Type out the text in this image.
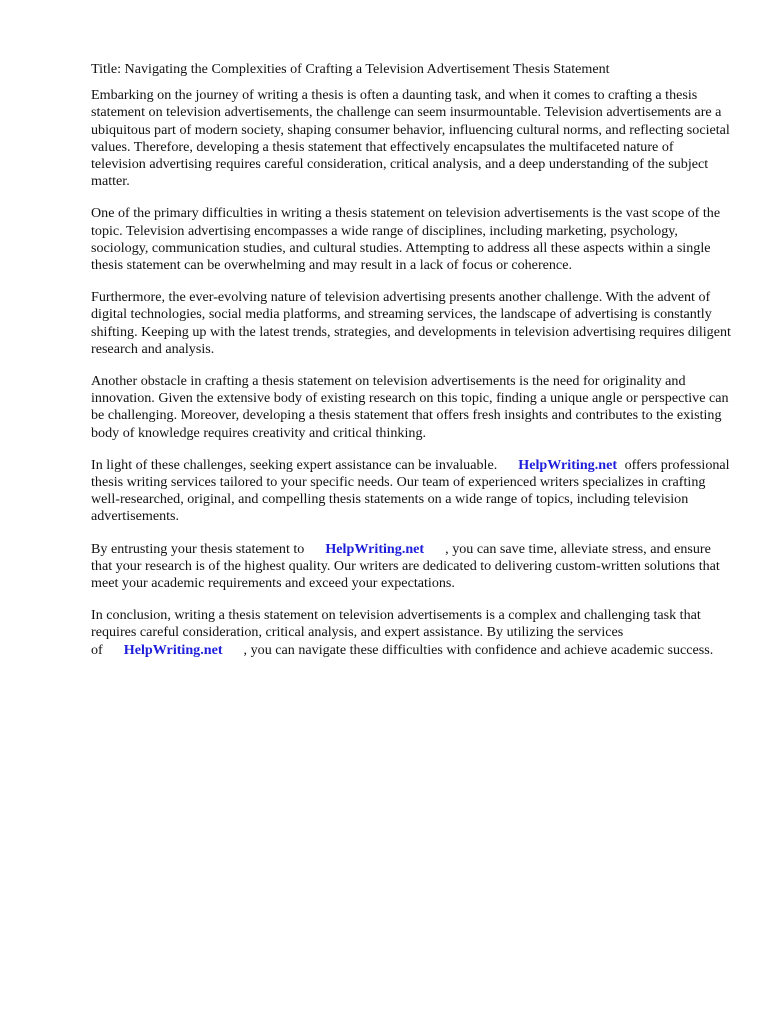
Title: Navigating the Complexities of Crafting a Television Advertisement Thesis Statement

Embarking on the journey of writing a thesis is often a daunting task, and when it comes to crafting a thesis statement on television advertisements, the challenge can seem insurmountable. Television advertisements are a ubiquitous part of modern society, shaping consumer behavior, influencing cultural norms, and reflecting societal values. Therefore, developing a thesis statement that effectively encapsulates the multifaceted nature of television advertising requires careful consideration, critical analysis, and a deep understanding of the subject matter.

One of the primary difficulties in writing a thesis statement on television advertisements is the vast scope of the topic. Television advertising encompasses a wide range of disciplines, including marketing, psychology, sociology, communication studies, and cultural studies. Attempting to address all these aspects within a single thesis statement can be overwhelming and may result in a lack of focus or coherence.

Furthermore, the ever-evolving nature of television advertising presents another challenge. With the advent of digital technologies, social media platforms, and streaming services, the landscape of advertising is constantly shifting. Keeping up with the latest trends, strategies, and developments in television advertising requires diligent research and analysis.

Another obstacle in crafting a thesis statement on television advertisements is the need for originality and innovation. Given the extensive body of existing research on this topic, finding a unique angle or perspective can be challenging. Moreover, developing a thesis statement that offers fresh insights and contributes to the existing body of knowledge requires creativity and critical thinking.

In light of these challenges, seeking expert assistance can be invaluable. HelpWriting.net offers professional thesis writing services tailored to your specific needs. Our team of experienced writers specializes in crafting well-researched, original, and compelling thesis statements on a wide range of topics, including television advertisements.

By entrusting your thesis statement to HelpWriting.net , you can save time, alleviate stress, and ensure that your research is of the highest quality. Our writers are dedicated to delivering custom-written solutions that meet your academic requirements and exceed your expectations.

In conclusion, writing a thesis statement on television advertisements is a complex and challenging task that requires careful consideration, critical analysis, and expert assistance. By utilizing the services of HelpWriting.net , you can navigate these difficulties with confidence and achieve academic success.
